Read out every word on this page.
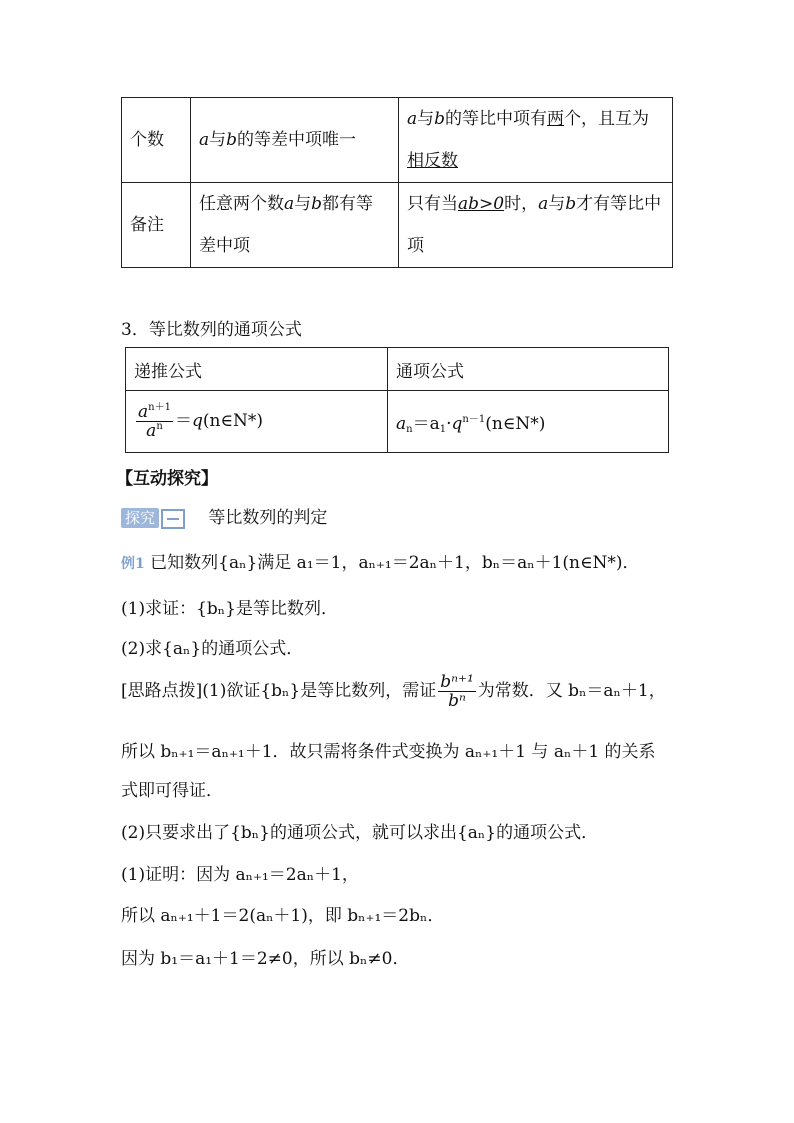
个数	a与b的等差中项唯一	a与b的等比中项有两个，且互为相反数
备注	任意两个数a与b都有等差中项	只有当ab>0时，a与b才有等比中项
3．等比数列的通项公式
递推公式	通项公式

$\frac{a^{n+1}}{a^n}$ ＝q(n∈N*)	$a_n=a_1\cdot q^{n-1}(n\in N*)$
【互动探究】
探究	等比数列的判定
例1 已知数列{aₙ}满足 a₁＝1，aₙ₊₁＝2aₙ＋1，bₙ＝aₙ＋1(n∈N*)．
(1)求证：{bₙ}是等比数列．
(2)求{aₙ}的通项公式．
[思路点拨](1)欲证{bₙ}是等比数列，需证 $\frac{\text{bⁿ⁺¹}}{\text{bⁿ}}$ 为常数．又 bₙ＝aₙ＋1，
所以 bₙ₊₁＝aₙ₊₁＋1．故只需将条件式变换为 aₙ₊₁＋1 与 aₙ＋1 的关系
式即可得证．
(2)只要求出了{bₙ}的通项公式，就可以求出{aₙ}的通项公式．
(1)证明：因为 aₙ₊₁＝2aₙ＋1，
所以 aₙ₊₁＋1＝2(aₙ＋1)，即 bₙ₊₁＝2bₙ．
因为 b₁＝a₁＋1＝2≠0，所以 bₙ≠0．
